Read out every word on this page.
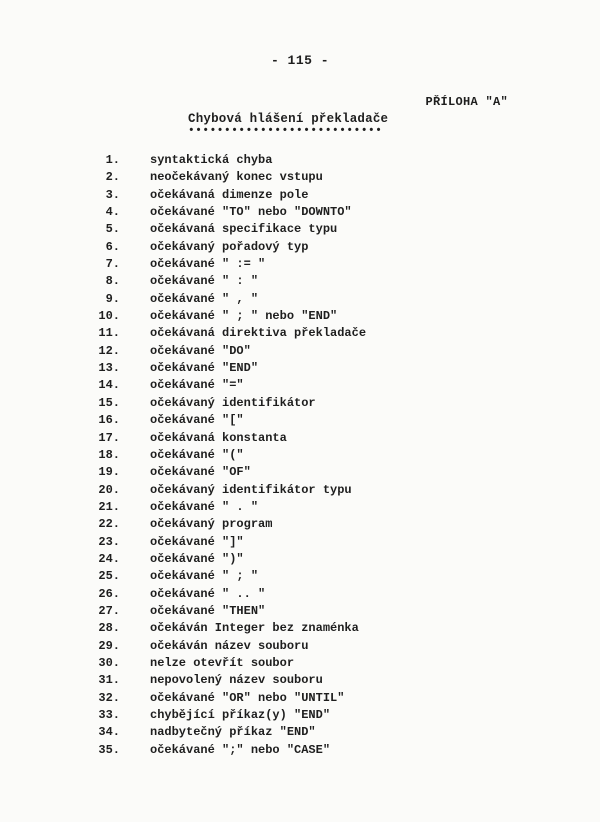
- 115 -
PŘÍLOHA "A"
Chybová hlášení překladače
•••••••••••••••••••••••••••
1.	syntaktická chyba
2.	neočekávaný konec vstupu
3.	očekávaná dimenze pole
4.	očekávané "TO" nebo "DOWNTO"
5.	očekávaná specifikace typu
6.	očekávaný pořadový typ
7.	očekávané " := "
8.	očekávané " : "
9.	očekávané " , "
10.	očekávané " ; " nebo "END"
11.	očekávaná direktiva překladače
12.	očekávané "DO"
13.	očekávané "END"
14.	očekávané "="
15.	očekávaný identifikátor
16.	očekávané "["
17.	očekávaná konstanta
18.	očekávané "("
19.	očekávané "OF"
20.	očekávaný identifikátor typu
21.	očekávané " . "
22.	očekávaný program
23.	očekávané "]"
24.	očekávané ")"
25.	očekávané " ; "
26.	očekávané " .. "
27.	očekávané "THEN"
28.	očekáván Integer bez znaménka
29.	očekáván název souboru
30.	nelze otevřít soubor
31.	nepovolený název souboru
32.	očekávané "OR" nebo "UNTIL"
33.	chybějící příkaz(y) "END"
34.	nadbytečný příkaz "END"
35.	očekávané ";" nebo "CASE"
